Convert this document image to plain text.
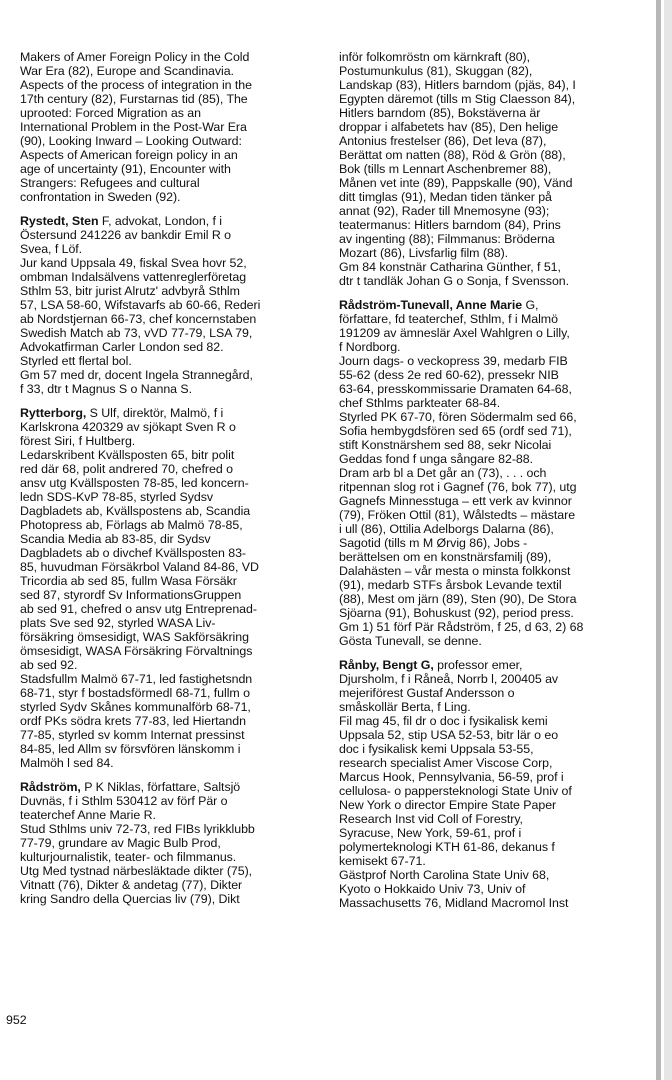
Makers of Amer Foreign Policy in the Cold
War Era (82), Europe and Scandinavia.
Aspects of the process of integration in the
17th century (82), Furstarnas tid (85), The
uprooted: Forced Migration as an
International Problem in the Post-War Era
(90), Looking Inward – Looking Outward:
Aspects of American foreign policy in an
age of uncertainty (91), Encounter with
Strangers: Refugees and cultural
confrontation in Sweden (92).
Rystedt, Sten F, advokat, London, f i
Östersund 241226 av bankdir Emil R o
Svea, f Löf.
Jur kand Uppsala 49, fiskal Svea hovr 52,
ombman Indalsälvens vattenreglerföretag
Sthlm 53, bitr jurist Alrutz' advbyrå Sthlm
57, LSA 58-60, Wifstavarfs ab 60-66, Rederi
ab Nordstjernan 66-73, chef koncernstaben
Swedish Match ab 73, vVD 77-79, LSA 79,
Advokatfirman Carler London sed 82.
Styrled ett flertal bol.
Gm 57 med dr, docent Ingela Strannegård,
f 33, dtr t Magnus S o Nanna S.
Rytterborg, S Ulf, direktör, Malmö, f i
Karlskrona 420329 av sjökapt Sven R o
förest Siri, f Hultberg.
Ledarskribent Kvällsposten 65, bitr polit
red där 68, polit andrered 70, chefred o
ansv utg Kvällsposten 78-85, led koncern-
ledn SDS-KvP 78-85, styrled Sydsv
Dagbladets ab, Kvällspostens ab, Scandia
Photopress ab, Förlags ab Malmö 78-85,
Scandia Media ab 83-85, dir Sydsv
Dagbladets ab o divchef Kvällsposten 83-
85, huvudman Försäkrbol Valand 84-86, VD
Tricordia ab sed 85, fullm Wasa Försäkr
sed 87, styrordf Sv InformationsGruppen
ab sed 91, chefred o ansv utg Entreprenad-
plats Sve sed 92, styrled WASA Liv-
försäkring ömsesidigt, WAS Sakförsäkring
ömsesidigt, WASA Försäkring Förvaltnings
ab sed 92.
Stadsfullm Malmö 67-71, led fastighetsndn
68-71, styr f bostadsförmedl 68-71, fullm o
styrled Sydv Skånes kommunalförb 68-71,
ordf PKs södra krets 77-83, led Hiertandn
77-85, styrled sv komm Internat pressinst
84-85, led Allm sv försvfören länskomm i
Malmöh l sed 84.
Rådström, P K Niklas, författare, Saltsjö
Duvnäs, f i Sthlm 530412 av förf Pär o
teaterchef Anne Marie R.
Stud Sthlms univ 72-73, red FIBs lyrikklubb
77-79, grundare av Magic Bulb Prod,
kulturjournalistik, teater- och filmmanus.
Utg Med tystnad närbesläktade dikter (75),
Vitnatt (76), Dikter & andetag (77), Dikter
kring Sandro della Quercias liv (79), Dikt
inför folkomröstn om kärnkraft (80),
Postumunkulus (81), Skuggan (82),
Landskap (83), Hitlers barndom (pjäs, 84), I
Egypten däremot (tills m Stig Claesson 84),
Hitlers barndom (85), Bokstäverna är
droppar i alfabetets hav (85), Den helige
Antonius frestelser (86), Det leva (87),
Berättat om natten (88), Röd & Grön (88),
Bok (tills m Lennart Aschenbremer 88),
Månen vet inte (89), Pappskalle (90), Vänd
ditt timglas (91), Medan tiden tänker på
annat (92), Rader till Mnemosyne (93);
teatermanus: Hitlers barndom (84), Prins
av ingenting (88); Filmmanus: Bröderna
Mozart (86), Livsfarlig film (88).
Gm 84 konstnär Catharina Günther, f 51,
dtr t tandläk Johan G o Sonja, f Svensson.
Rådström-Tunevall, Anne Marie G,
författare, fd teaterchef, Sthlm, f i Malmö
191209 av ämneslär Axel Wahlgren o Lilly,
f Nordborg.
Journ dags- o veckopress 39, medarb FIB
55-62 (dess 2e red 60-62), pressekr NIB
63-64, presskommissarie Dramaten 64-68,
chef Sthlms parkteater 68-84.
Styrled PK 67-70, fören Södermalm sed 66,
Sofia hembygdsfören sed 65 (ordf sed 71),
stift Konstnärshem sed 88, sekr Nicolai
Geddas fond f unga sångare 82-88.
Dram arb bl a Det går an (73), . . . och
ritpennan slog rot i Gagnef (76, bok 77), utg
Gagnefs Minnesstuga – ett verk av kvinnor
(79), Fröken Ottil (81), Wålstedts – mästare
i ull (86), Ottilia Adelborgs Dalarna (86),
Sagotid (tills m M Ørvig 86), Jobs -
berättelsen om en konstnärsfamilj (89),
Dalahästen – vår mesta o minsta folkkonst
(91), medarb STFs årsbok Levande textil
(88), Mest om järn (89), Sten (90), De Stora
Sjöarna (91), Bohuskust (92), period press.
Gm 1) 51 förf Pär Rådström, f 25, d 63, 2) 68
Gösta Tunevall, se denne.
Rånby, Bengt G, professor emer,
Djursholm, f i Råneå, Norrb l, 200405 av
mejeriförest Gustaf Andersson o
småskollär Berta, f Ling.
Fil mag 45, fil dr o doc i fysikalisk kemi
Uppsala 52, stip USA 52-53, bitr lär o eo
doc i fysikalisk kemi Uppsala 53-55,
research specialist Amer Viscose Corp,
Marcus Hook, Pennsylvania, 56-59, prof i
cellulosa- o pappersteknologi State Univ of
New York o director Empire State Paper
Research Inst vid Coll of Forestry,
Syracuse, New York, 59-61, prof i
polymerteknologi KTH 61-86, dekanus f
kemisekt 67-71.
Gästprof North Carolina State Univ 68,
Kyoto o Hokkaido Univ 73, Univ of
Massachusetts 76, Midland Macromol Inst
952
